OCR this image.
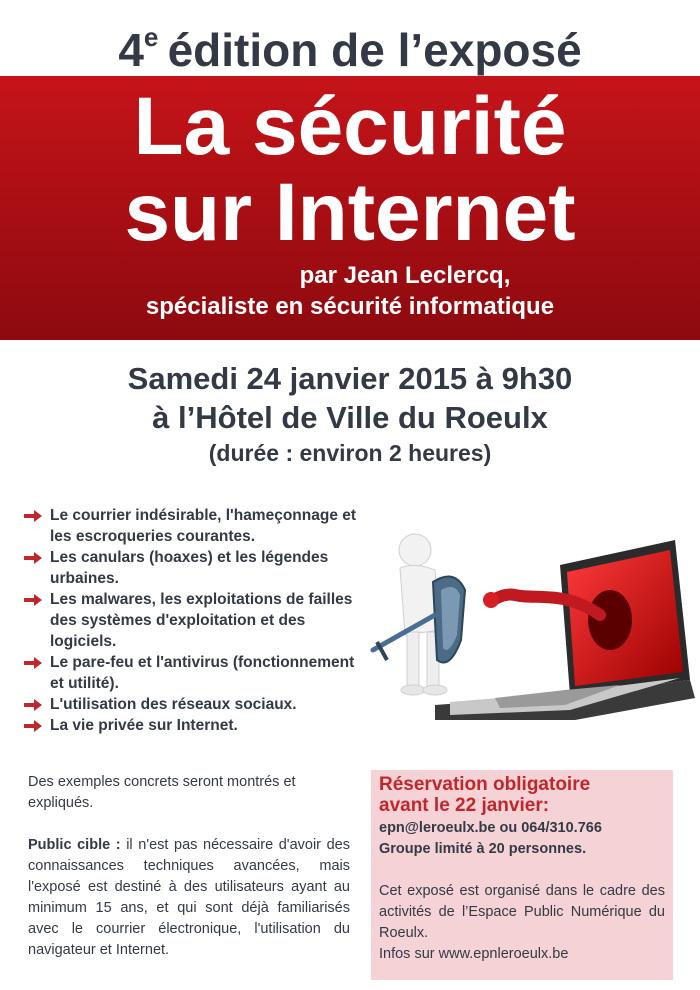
4e  édition de l’exposé
La sécurité
sur Internet
par Jean Leclercq,
spécialiste en sécurité informatique
Samedi 24 janvier 2015 à 9h30
à l’Hôtel de Ville du Roeulx
(durée : environ 2 heures)
Le courrier indésirable, l'hameçonnage et les escroqueries courantes.
Les canulars (hoaxes) et les légendes urbaines.
Les malwares, les exploitations de failles des systèmes d'exploitation et des logiciels.
Le pare-feu et l'antivirus (fonctionnement et utilité).
L'utilisation des réseaux sociaux.
La vie privée sur Internet.
Des exemples concrets seront montrés et expliqués.
Public cible : il n'est pas nécessaire d'avoir des connaissances techniques avancées, mais l'exposé est destiné à des utilisateurs ayant au minimum 15 ans, et qui sont déjà familiarisés avec le courrier électronique, l'utilisation du navigateur et Internet.
Réservation obligatoire
avant le 22 janvier:
epn@leroeulx.be ou 064/310.766
Groupe limité à 20 personnes.
Cet exposé est organisé dans le cadre des activités de l’Espace Public Numérique du Roeulx.
Infos sur www.epnleroeulx.be
